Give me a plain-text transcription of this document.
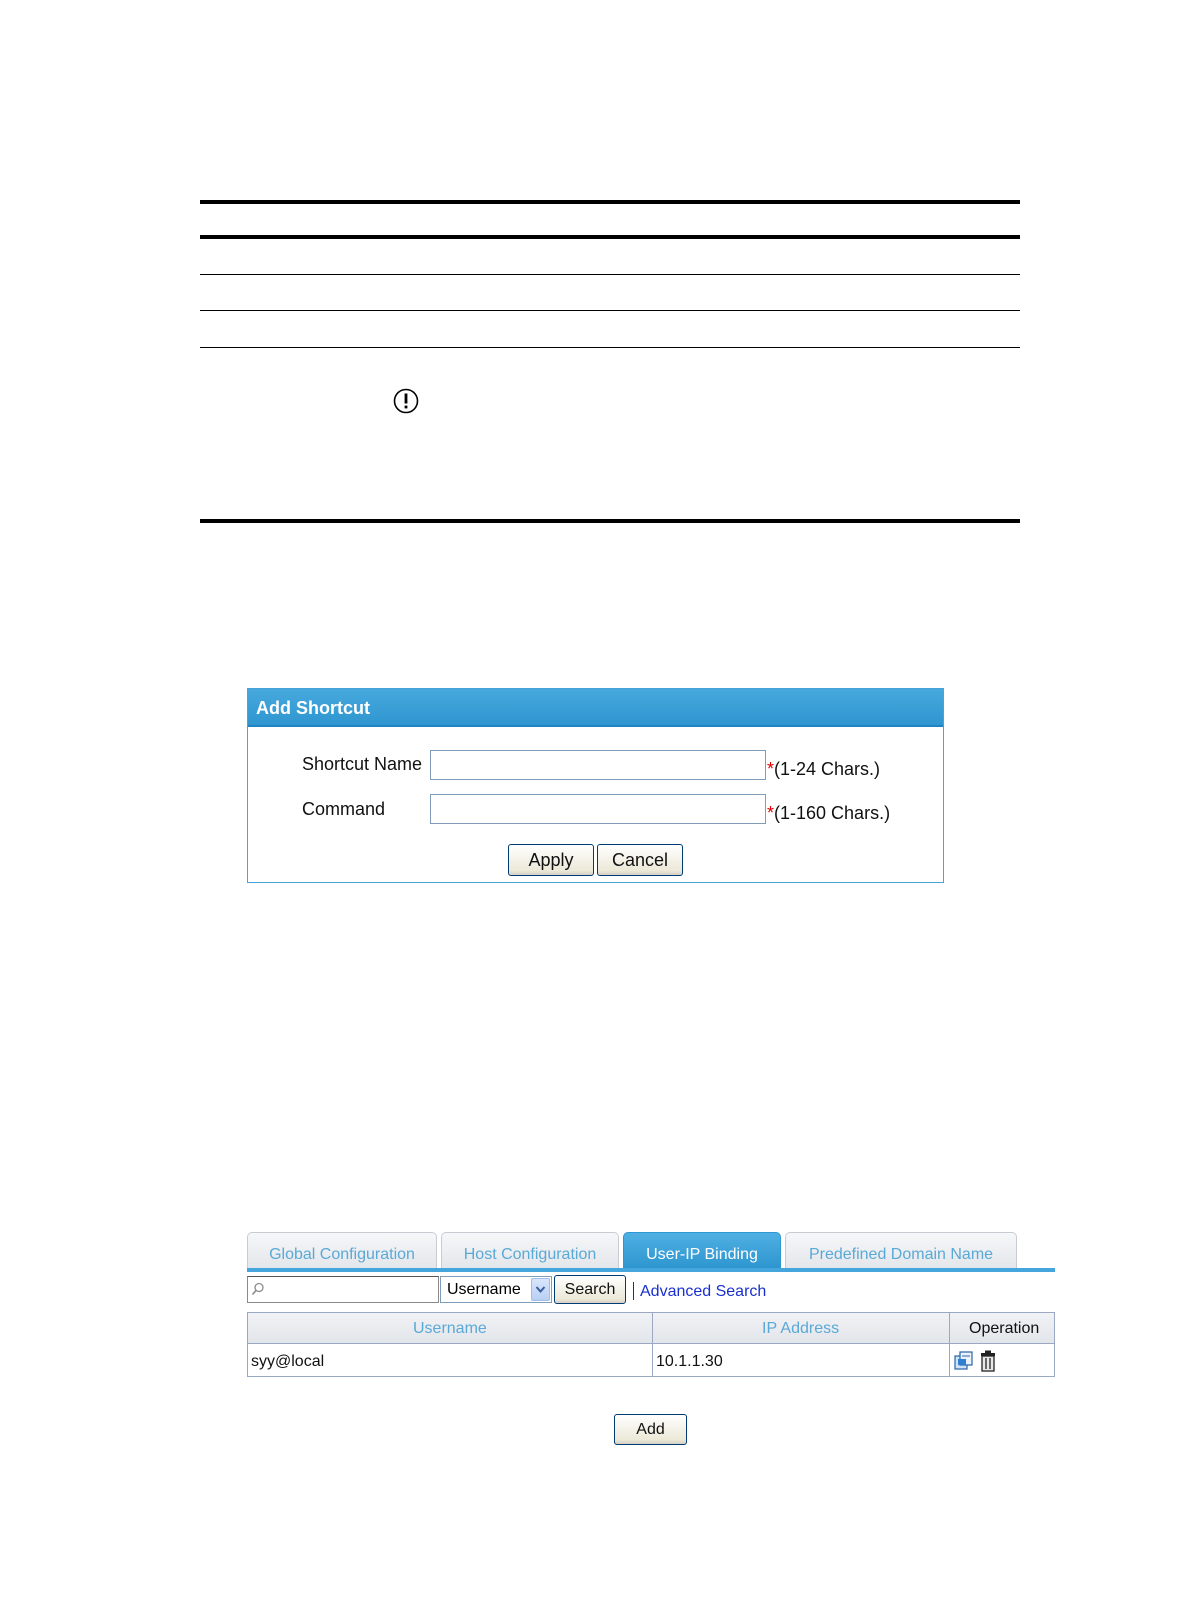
Add Shortcut
Shortcut Name	*(1-24 Chars.)
Command	*(1-160 Chars.)
Apply	Cancel
Global Configuration	Host Configuration	User-IP Binding	Predefined Domain Name
Username	Search	Advanced Search
Username	IP Address	Operation
syy@local	10.1.1.30
Add
